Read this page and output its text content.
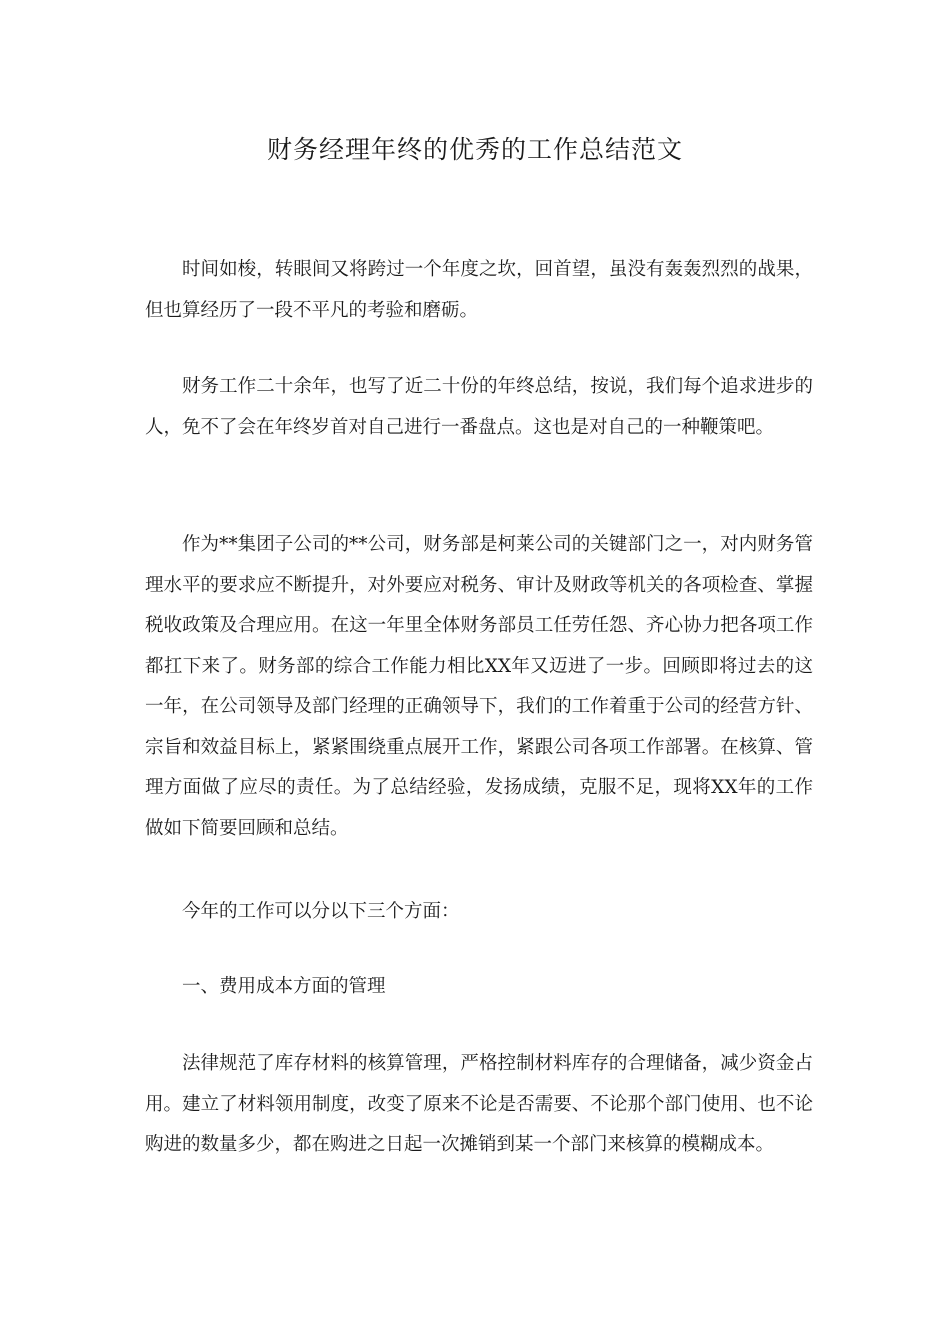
财务经理年终的优秀的工作总结范文

时间如梭，转眼间又将跨过一个年度之坎，回首望，虽没有轰轰烈烈的战果，但也算经历了一段不平凡的考验和磨砺。

财务工作二十余年，也写了近二十份的年终总结，按说，我们每个追求进步的人，免不了会在年终岁首对自己进行一番盘点。这也是对自己的一种鞭策吧。

作为**集团子公司的**公司，财务部是柯莱公司的关键部门之一，对内财务管理水平的要求应不断提升，对外要应对税务、审计及财政等机关的各项检查、掌握税收政策及合理应用。在这一年里全体财务部员工任劳任怨、齐心协力把各项工作都扛下来了。财务部的综合工作能力相比XX年又迈进了一步。回顾即将过去的这一年，在公司领导及部门经理的正确领导下，我们的工作着重于公司的经营方针、宗旨和效益目标上，紧紧围绕重点展开工作，紧跟公司各项工作部署。在核算、管理方面做了应尽的责任。为了总结经验，发扬成绩，克服不足，现将XX年的工作做如下简要回顾和总结。

今年的工作可以分以下三个方面：

一、费用成本方面的管理

法律规范了库存材料的核算管理，严格控制材料库存的合理储备，减少资金占用。建立了材料领用制度，改变了原来不论是否需要、不论那个部门使用、也不论购进的数量多少，都在购进之日起一次摊销到某一个部门来核算的模糊成本。
